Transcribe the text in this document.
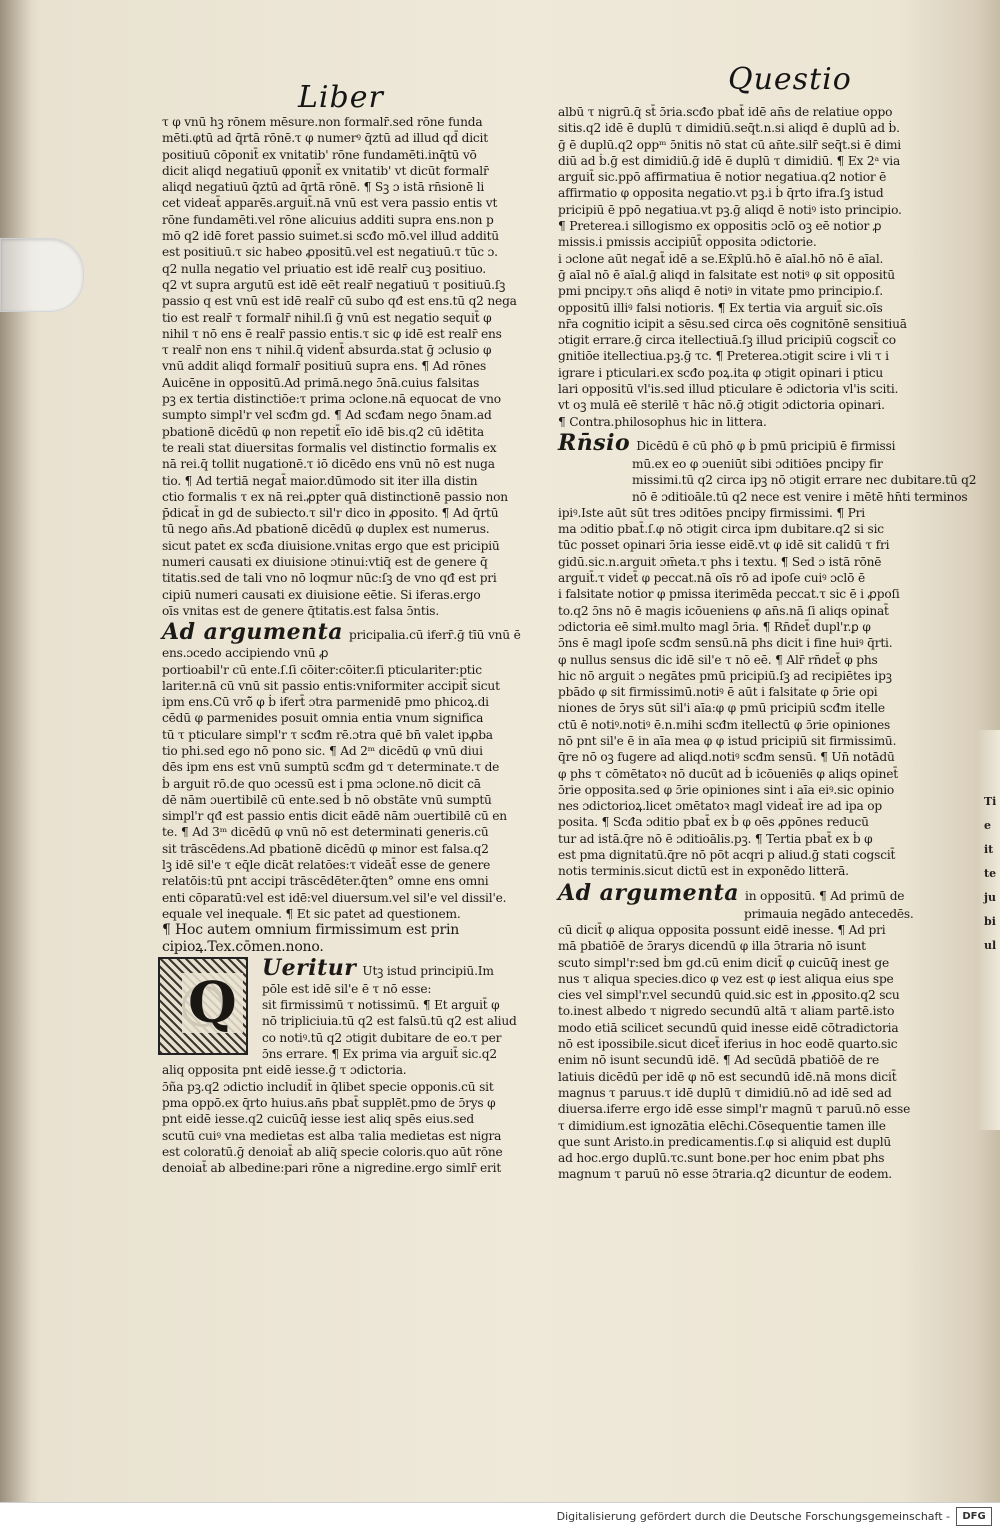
Ti
e
it
te
ju
bi
ul
Liber
Questio
τ φ vnū hꝫ rōnem mēsure.non formalr̄.sed rōne funda
mēti.φtū ad q̄rtā rōnē.τ φ numerꝰ q̄ztū ad illud qd̄ dicit
positiuū cōponit̄ ex vnitatib' rōne fundamēti.inq̄tū vō
dicit aliqd negatiuū φponit̄ ex vnitatib' vt dicūt formalr̄
aliqd negatiuū q̄ztū ad q̄rtā rōnē. ¶ Sꝫ ɔ istā rn̄sionē li
cet videat̄ apparēs.arguit̄.nā vnū est vera passio entis vt
rōne fundamēti.vel rōne alicuius additi supra ens.non p
mō q2 idē foret passio suimet.si scđo mō.vel illud additū
est positiuū.τ sic habeo ꝓpositū.vel est negatiuū.τ tūc ɔ.
q2 nulla negatio vel priuatio est idē realr̄ cuꝫ positiuo.
q2 vt supra argutū est idē eēt realr̄ negatiuū τ positiuū.ſꝫ
passio q est vnū est idē realr̄ cū subo qđ est ens.tū q2 nega
tio est realr̄ τ formalr̄ nihil.ſi ḡ vnū est negatio sequit̄ φ
nihil τ nō ens ē realr̄ passio entis.τ sic φ idē est realr̄ ens
τ realr̄ non ens τ nihil.q̄ vident̄ absurda.stat ḡ ɔclusio φ
vnū addit aliqd formalr̄ positiuū supra ens. ¶ Ad rōnes
Auicēne in oppositū.Ad primā.nego ɔ̄nā.cuius falsitas
pꝫ ex tertia distinctiōe:τ prima ɔclone.nā equocat de vno
sumpto simpl'r vel scđm gd. ¶ Ad scđam nego ɔ̄nam.ad
pbationē dicēdū φ non repetit̄ eīo idē bis.q2 cū idētita
te reali stat diuersitas formalis vel distinctio formalis ex
nā rei.q̄ tollit nugationē.τ iō dicēdo ens vnū nō est nuga
tio. ¶ Ad tertiā negat̄ maior.dūmodo sit iter illa distin
ctio formalis τ ex nā rei.ꝓpter quā distinctionē passio non
p̄dicat̄ in gd de subiecto.τ sil'r dico in ꝓposito. ¶ Ad q̄rtū
tū nego an̄s.Ad pbationē dicēdū φ duplex est numerus.
sicut patet ex scđa diuisione.vnitas ergo que est pricipiū
numeri causati ex diuisione ɔtinui:vtiq̄ est de genere q̄
titatis.sed de tali vno nō loqmur nūc:ſꝫ de vno qđ est pri
cipiū numeri causati ex diuisione eētie. Si iferas.ergo
oīs vnitas est de genere q̄titatis.est falsa ɔ̄ntis.
Ad argumenta pricipalia.cū iferr̄.ḡ tīū vnū ē
ens.ɔcedo accipiendo vnū ꝓ
portioabil'r cū ente.ſ.ſi cōiter:cōiter.ſi pticulariter:ptic
lariter.nā cū vnū sit passio entis:vniformiter accipit̄ sicut
ipm ens.Cū vrō̃ φ ḃ ifert̄ ɔtra parmenidē pmo phicoꝝ.di
cēdū φ parmenides posuit omnia entia vnum significa
tū τ pticulare simpl'r τ scđm rē.ɔtra quē bn̄ valet ipꝓba
tio phi.sed ego nō pono sic. ¶ Ad 2ᵐ dicēdū φ vnū diui
dēs ipm ens est vnū sumptū scđm gd τ determinate.τ de
ḃ arguit rō.de quo ɔcessū est i pma ɔclone.nō dicit cā
dē nām ɔuertibilē cū ente.sed ḃ nō obstāte vnū sumptū
simpl'r qđ est passio entis dicit eādē nām ɔuertibilē cū en
te. ¶ Ad 3ᵐ dicēdū φ vnū nō est determinati generis.cū
sit trāscēdens.Ad pbationē dicēdū φ minor est falsa.q2
lꝫ idē sil'e τ eq̄le dicāt relatōes:τ videāt̄ esse de genere
relatōis:tū pnt accipi trāscēdēter.q̄ten° omne ens omni
enti cōparatū:vel est idē:vel diuersum.vel sil'e vel dissil'e.
equale vel inequale. ¶ Et sic patet ad questionem.
¶ Hoc autem omnium firmissimum est prin
cipioꝝ.Tex.cōmen.nono.
Q
Ueritur Utꝫ istud principiū.Im
pōle est idē sil'e ē τ nō esse:
sit firmissimū τ notissimū. ¶ Et arguit̄ φ
nō tripliciuia.tū q2 est falsū.tū q2 est aliud
co notiꝰ.tū q2 ɔtigit dubitare de eo.τ per
ɔ̄ns errare. ¶ Ex prima via arguit̄ sic.q2
aliq opposita pnt eidē iesse.ḡ τ ɔdictoria.
ɔ̄ña pꝫ.q2 ɔdictio includit̄ in q̄libet specie opponis.cū sit
pma oppō.ex q̄rto huius.an̄s pbat̄ supplēt.pmo de ɔ̄rys φ
pnt eidē iesse.q2 cuicūq̄ iesse iest aliq spēs eius.sed
scutū cuiꝰ vna medietas est alba τalia medietas est nigra
est coloratū.ḡ denoiat̄ ab aliq̄ specie coloris.quo aūt rōne
denoiat̄ ab albedine:pari rōne a nigredine.ergo simlr̄ erit
albū τ nigrū.q̄ st̄ ɔ̄ria.scđo pbat̄ idē an̄s de relatiue oppo
sitis.q2 idē ē duplū τ dimidiū.seq̄t.n.si aliqd ē duplū ad ḃ.
ḡ ē duplū.q2 oppᵐ ɔ̄nitis nō stat cū an̄te.silr̄ seq̄t.si ē dimi
diū ad ḃ.ḡ est dimidiū.ḡ idē ē duplū τ dimidiū. ¶ Ex 2ᵃ via
arguit̄ sic.ppō affirmatiua ē notior negatiua.q2 notior ē
affirmatio φ opposita negatio.vt pꝫ.i ḃ q̄rto ifra.ſꝫ istud
pricipiū ē ppō negatiua.vt pꝫ.ḡ aliqd ē notiꝰ isto principio.
¶ Preterea.i sillogismo ex oppositis ɔclō oꝫ eē notior ꝓ
missis.i pmissis accipiūt̄ opposita ɔdictorie.
i ɔclone aūt negat̄ idē a se.Ex̄plū.hō ē aīal.hō nō ē aīal.
ḡ aīal nō ē aīal.ḡ aliqd in falsitate est notiꝰ φ sit oppositū
pmi pncipy.τ ɔn̄s aliqd ē notiꝰ in vitate pmo principio.ſ.
oppositū illiꝰ falsi notioris. ¶ Ex tertia via arguit̄ sic.oīs
nr̄a cognitio icipit a sēsu.sed circa oēs cognitōnē sensitiuā
ɔtigit errare.ḡ circa itellectiuā.ſꝫ illud pricipiū cogscit̄ co
gnitiōe itellectiua.pꝫ.ḡ τc. ¶ Preterea.ɔtigit scire i vli τ i
igrare i pticulari.ex scđo poꝝ.ita φ ɔtigit opinari i pticu
lari oppositū vl'is.sed illud pticulare ē ɔdictoria vl'is sciti.
vt oꝫ mulā eē sterilē τ hāc nō.ḡ ɔtigit ɔdictoria opinari.
¶ Contra.philosophus hic in littera.
Rn̄sio Dicēdū ē cū phō φ ḃ pmū pricipiū ē firmissi
mū.ex eo φ ɔueniūt sibi ɔditiōes pncipy fir
missimi.tū q2 circa ipꝫ nō ɔtigit errare nec dubitare.tū q2
nō ē ɔditioāle.tū q2 nece est venire i mētē hn̄ti terminos
ipiꝰ.Iste aūt sūt tres ɔditōes pncipy firmissimi. ¶ Pri
ma ɔditio pbat̄.ſ.φ nō ɔtigit circa ipm dubitare.q2 si sic
tūc posset opinari ɔ̄ria iesse eidē.vt φ idē sit calidū τ fri
gidū.sic.n.arguit ɔm̄eta.τ phs i textu. ¶ Sed ɔ istā rōnē
arguit̄.τ videt̄ φ peccat.nā oīs rō ad ipoſe cuiꝰ ɔclō ē
i falsitate notior φ pmissa iterimēda peccat.τ sic ē i ꝓpoſi
to.q2 ɔ̄ns nō ē magis icōueniens φ an̄s.nā ſi aliqs opinat̄
ɔdictoria eē simł.multo magl ɔ̄ria. ¶ Rn̄det̄ dupl'r.ꝑ φ
ɔ̄ns ē magl ipoſe scđm sensū.nā phs dicit i fine huiꝰ q̄rti.
φ nullus sensus dic idē sil'e τ nō eē. ¶ Alr̄ rn̄det̄ φ phs
hic nō arguit ɔ negātes pmū pricipiū.ſꝫ ad recipiētes ipꝫ
pbādo φ sit firmissimū.notiꝰ ē aūt i falsitate φ ɔ̄rie opi
niones de ɔ̄rys sūt sil'i aīa:φ φ pmū pricipiū scđm itelle
ctū ē notiꝰ.notiꝰ ē.n.mihi scđm itellectū φ ɔ̄rie opiniones
nō pnt sil'e ē in aīa mea φ φ istud pricipiū sit firmissimū.
q̄re nō oꝫ fugere ad aliqd.notiꝰ scđm sensū. ¶ Un̄ notādū
φ phs τ cōmētatoꝛ nō ducūt ad ḃ icōueniēs φ aliqs opinet̄
ɔ̄rie opposita.sed φ ɔ̄rie opiniones sint i aīa eiꝰ.sic opinio
nes ɔdictorioꝝ.licet ɔmētatoꝛ magl videat̄ ire ad ipa op
posita. ¶ Scđa ɔditio pbat̄ ex ḃ φ oēs ꝓpōnes reducū
tur ad istā.q̄re nō ē ɔditioālis.pꝫ. ¶ Tertia pbat̄ ex ḃ φ
est pma dignitatū.q̄re nō pōt acqri p aliud.ḡ stati cogscit̄
notis terminis.sicut dictū est in exponēdo litterā.
Ad argumenta in oppositū. ¶ Ad primū de
primauia negādo antecedēs.
cū dicit̄ φ aliqua opposita possunt eidē inesse. ¶ Ad pri
mā pbatiōē de ɔ̄rarys dicendū φ illa ɔ̄traria nō isunt
scuto simpl'r:sed ḃm gd.cū enim dicit̄ φ cuicūq̄ inest ge
nus τ aliqua species.dico φ vez est φ iest aliqua eius spe
cies vel simpl'r.vel secundū quid.sic est in ꝓposito.q2 scu
to.inest albedo τ nigredo secundū altā τ aliam partē.isto
modo etiā scilicet secundū quid inesse eidē cōtradictoria
nō est ipossibile.sicut dicet̄ iferius in hoc eodē quarto.sic
enim nō isunt secundū idē. ¶ Ad secūdā pbatiōē de re
latiuis dicēdū per idē φ nō est secundū idē.nā mons dicit̄
magnus τ paruus.τ idē duplū τ dimidiū.nō ad idē sed ad
diuersa.iferre ergo idē esse simpl'r magnū τ paruū.nō esse
τ dimidium.est ignozātia elēchi.Cōsequentie tamen ille
que sunt Aristo.in predicamentis.ſ.φ si aliquid est duplū
ad hoc.ergo duplū.τc.sunt bone.per hoc enim pbat phs
magnum τ paruū nō esse ɔ̄traria.q2 dicuntur de eodem.
Digitalisierung gefördert durch die Deutsche Forschungsgemeinschaft -	DFG
